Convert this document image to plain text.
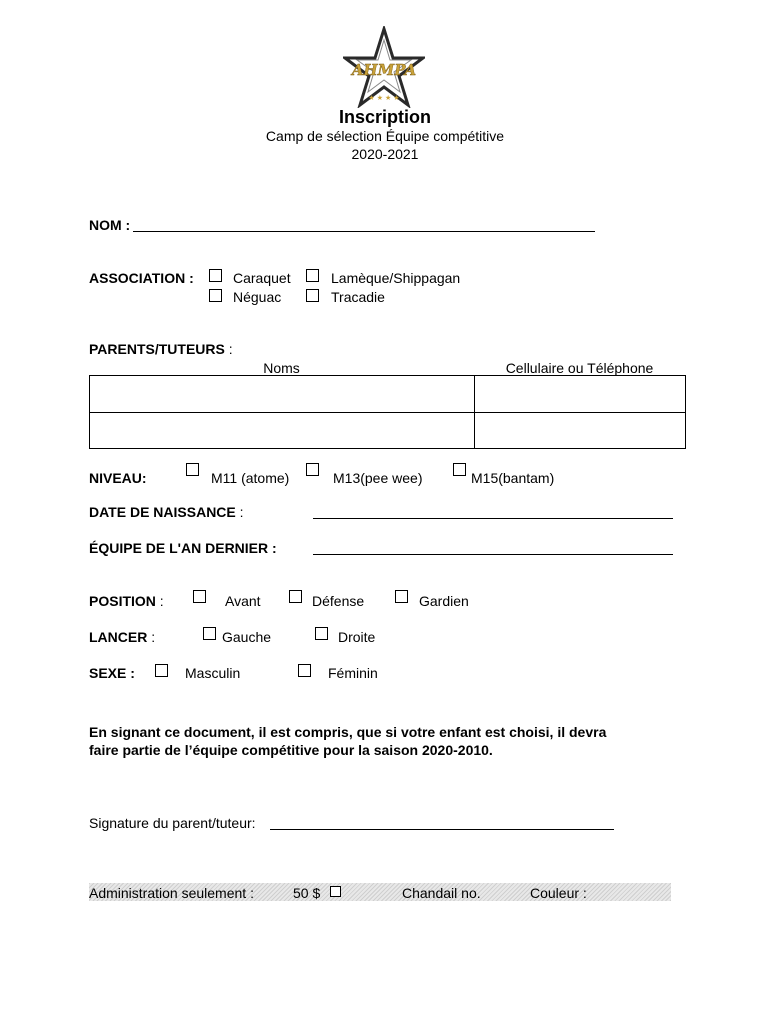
AHMPA
★ ★ ★ ★
Inscription
Camp de sélection Équipe compétitive
2020-2021
NOM :
ASSOCIATION :	Caraquet	Lamèque/Shippagan
Néguac	Tracadie
PARENTS/TUTEURS :
Noms	Cellulaire ou Téléphone
NIVEAU:	M11 (atome)	M13(pee wee)	M15(bantam)
DATE DE NAISSANCE :
ÉQUIPE DE L'AN DERNIER :
POSITION :	Avant	Défense	Gardien
LANCER :	Gauche	Droite
SEXE :	Masculin	Féminin
En signant ce document, il est compris, que si votre enfant est choisi, il devra
faire partie de l’équipe compétitive pour la saison 2020-2010.
Signature du parent/tuteur:
Administration seulement :	50 $	Chandail no.	Couleur :
